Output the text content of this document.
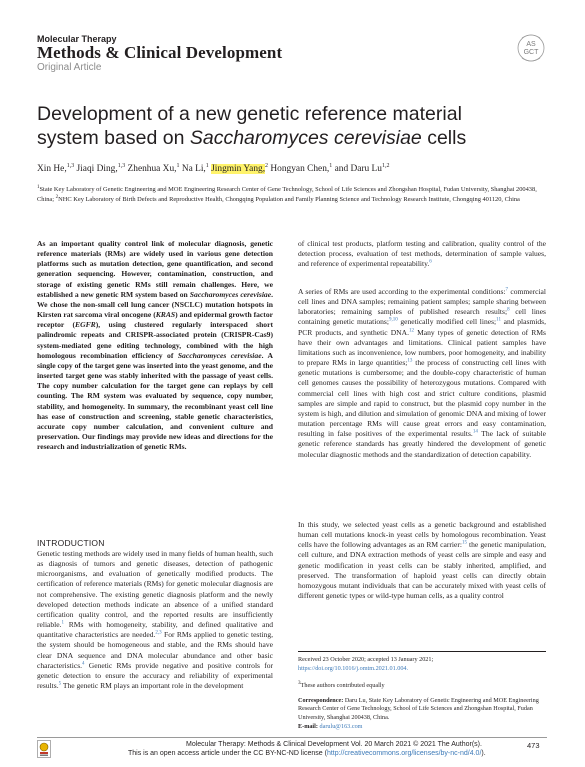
Molecular Therapy
Methods & Clinical Development
Original Article
AS
GCT
Development of a new genetic reference material
system based on Saccharomyces cerevisiae cells
Xin He,$^{1,3}$ Jiaqi Ding,$^{1,3}$ Zhenhua Xu,$^1$ Na Li,$^1$ Jingmin Yang,$^2$ Hongyan Chen,$^1$ and Daru Lu$^{1,2}$
$^1$State Key Laboratory of Genetic Engineering and MOE Engineering Research Center of Gene Technology, School of Life Sciences and Zhongshan Hospital, Fudan University, Shanghai 200438, China; $^2$NHC Key Laboratory of Birth Defects and Reproductive Health, Chongqing Population and Family Planning Science and Technology Research Institute, Chongqing 401120, China
As an important quality control link of molecular diagnosis, genetic reference materials (RMs) are widely used in various gene detection platforms such as mutation detection, gene quantification, and second generation sequencing. However, contamination, construction, and storage of existing genetic RMs still remain challenges. Here, we established a new genetic RM system based on Saccharomyces cerevisiae. We chose the non-small cell lung cancer (NSCLC) mutation hotspots in Kirsten rat sarcoma viral oncogene (KRAS) and epidermal growth factor receptor (EGFR), using clustered regularly interspaced short palindromic repeats and CRISPR-associated protein (CRISPR-Cas9) system-mediated gene editing technology, combined with the high homologous recombination efficiency of Saccharomyces cerevisiae. A single copy of the target gene was inserted into the yeast genome, and the inserted target gene was stably inherited with the passage of yeast cells. The copy number calculation for the target gene can replays by cell counting. The RM system was evaluated by sequence, copy number, stability, and homogeneity. In summary, the recombinant yeast cell line has ease of construction and screening, stable genetic characteristics, accurate copy number calculation, and convenient culture and preservation. Our findings may provide new ideas and directions for the research and industrialization of genetic RMs.
INTRODUCTION
Genetic testing methods are widely used in many fields of human health, such as diagnosis of tumors and genetic diseases, detection of pathogenic microorganisms, and evaluation of genetically modified products. The certification of reference materials (RMs) for genetic molecular diagnosis are not comprehensive. The existing genetic diagnosis platform and the newly developed detection methods indicate an absence of a unified standard certification quality control, and the reported results are insufficiently reliable.$^1$ RMs with homogeneity, stability, and defined qualitative and quantitative characteristics are needed.$^{2,3}$ For RMs applied to genetic testing, the system should be homogeneous and stable, and the RMs should have clear DNA sequence and DNA molecular abundance and other basic characteristics.$^4$ Genetic RMs provide negative and positive controls for genetic detection to ensure the accuracy and reliability of experimental results.$^5$ The genetic RM plays an important role in the development
of clinical test products, platform testing and calibration, quality control of the detection process, evaluation of test methods, determination of sample values, and reference of experimental repeatability.$^6$
A series of RMs are used according to the experimental conditions:$^7$ commercial cell lines and DNA samples; remaining patient samples; sample sharing between laboratories; remaining samples of published research results;$^8$ cell lines containing genetic mutations;$^{9,10}$ genetically modified cell lines;$^{11}$ and plasmids, PCR products, and synthetic DNA.$^{12}$ Many types of genetic detection of RMs have their own advantages and limitations. Clinical patient samples have limitations such as inconvenience, low numbers, poor homogeneity, and inability to prepare RMs in large quantities;$^{13}$ the process of constructing cell lines with genetic mutations is cumbersome; and the double-copy characteristic of human cell genomes causes the possibility of heterozygous mutations. Compared with commercial cell lines with high cost and strict culture conditions, plasmid samples are simple and rapid to construct, but the plasmid copy number in the system is high, and dilution and simulation of genomic DNA and mixing of lower mutation percentage RMs will cause great errors and easy contamination, resulting in false positives of the experimental results.$^{14}$ The lack of suitable genetic reference standards has greatly hindered the development of genetic molecular diagnostic methods and the standardization of detection capability.
In this study, we selected yeast cells as a genetic background and established human cell mutations knock-in yeast cells by homologous recombination. Yeast cells have the following advantages as an RM carrier:$^{15}$ the genetic manipulation, cell culture, and DNA extraction methods of yeast cells are simple and easy and genetic modification in yeast cells can be stably inherited, amplified, and preserved. The transformation of haploid yeast cells can directly obtain homozygous mutant individuals that can be accurately mixed with yeast cells of different genetic types or wild-type human cells, as a quality control
Received 23 October 2020; accepted 13 January 2021;
https://doi.org/10.1016/j.omtm.2021.01.004.
$^3$These authors contributed equally
Correspondence: Daru Lu, State Key Laboratory of Genetic Engineering and MOE Engineering Research Center of Gene Technology, School of Life Sciences and Zhongshan Hospital, Fudan University, Shanghai 200438, China.
E-mail: darulu@163.com
Molecular Therapy: Methods & Clinical Development Vol. 20 March 2021 © 2021 The Author(s).
This is an open access article under the CC BY-NC-ND license (http://creativecommons.org/licenses/by-nc-nd/4.0/).
473
